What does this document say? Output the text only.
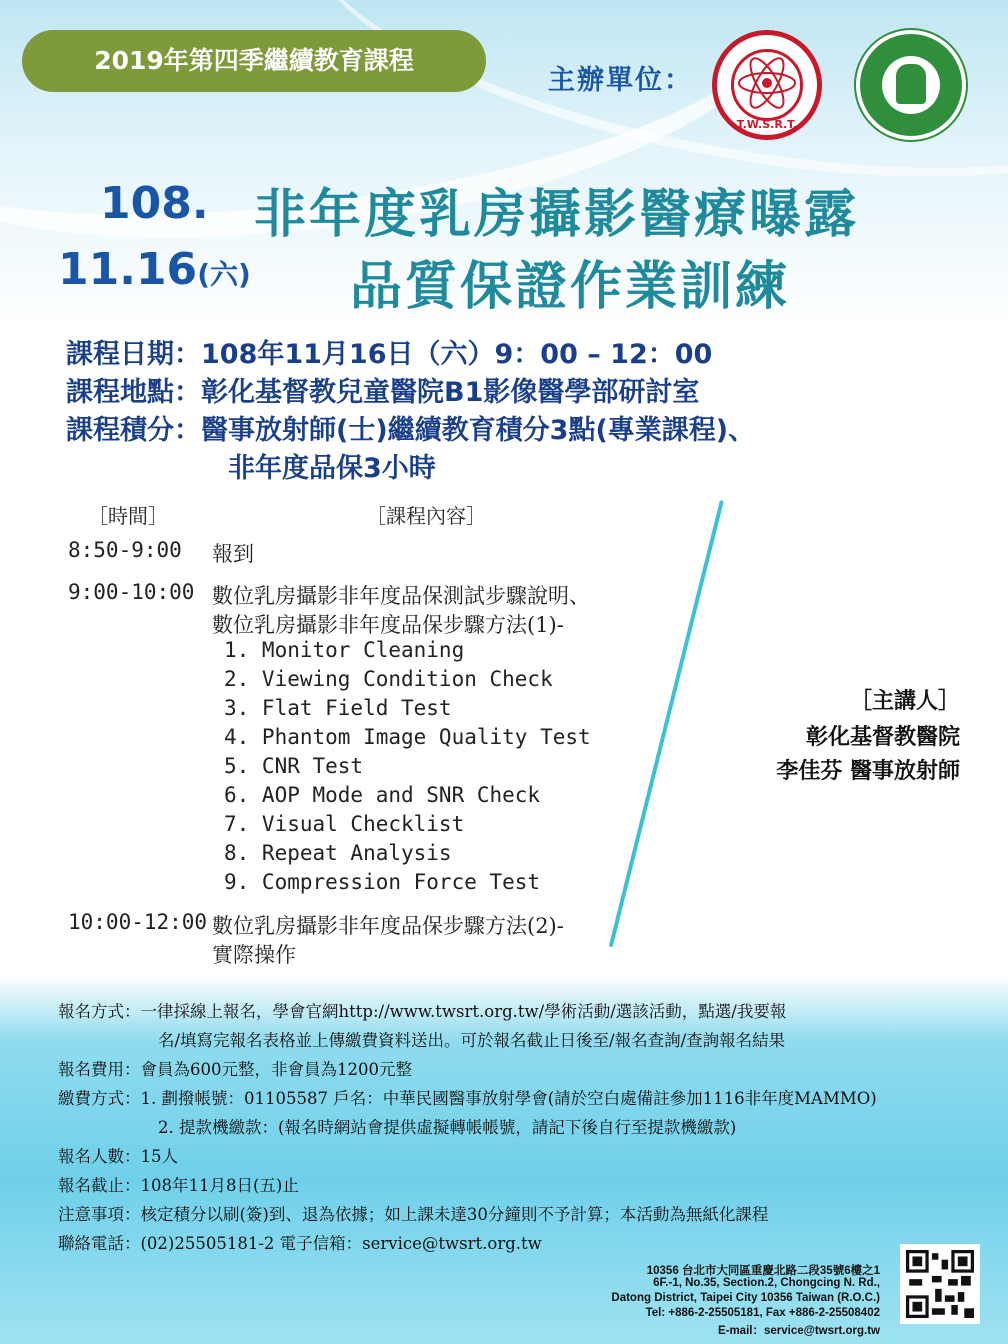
2019年第四季繼續教育課程
主辦單位：
T.W.S.R.T.
108.
11.16(六)
非年度乳房攝影醫療曝露
品質保證作業訓練
課程日期：108年11月16日（六）9：00 – 12：00
課程地點：彰化基督教兒童醫院B1影像醫學部研討室
課程積分：醫事放射師(士)繼續教育積分3點(專業課程)、
非年度品保3小時
［時間］	［課程內容］
8:50-9:00 報到
9:00-10:00 數位乳房攝影非年度品保測試步驟說明、
數位乳房攝影非年度品保步驟方法(1)-
1. Monitor Cleaning
2. Viewing Condition Check
3. Flat Field Test
4. Phantom Image Quality Test
5. CNR Test
6. AOP Mode and SNR Check
7. Visual Checklist
8. Repeat Analysis
9. Compression Force Test
10:00-12:00 數位乳房攝影非年度品保步驟方法(2)-
實際操作
［主講人］
彰化基督教醫院
李佳芬 醫事放射師
報名方式：一律採線上報名，學會官網http://www.twsrt.org.tw/學術活動/選該活動，點選/我要報
名/填寫完報名表格並上傳繳費資料送出。可於報名截止日後至/報名查詢/查詢報名結果
報名費用：會員為600元整，非會員為1200元整
繳費方式：1. 劃撥帳號：01105587 戶名：中華民國醫事放射學會(請於空白處備註參加1116非年度MAMMO)
2. 提款機繳款：(報名時網站會提供虛擬轉帳帳號，請記下後自行至提款機繳款)
報名人數：15人
報名截止：108年11月8日(五)止
注意事項：核定積分以刷(簽)到、退為依據；如上課未達30分鐘則不予計算；本活動為無紙化課程
聯絡電話：(02)25505181-2 電子信箱：service@twsrt.org.tw
10356 台北市大同區重慶北路二段35號6樓之1
6F.-1, No.35, Section.2, Chongcing N. Rd.,
Datong District, Taipei City 10356 Taiwan (R.O.C.)
Tel: +886-2-25505181, Fax +886-2-25508402
E-mail：service@twsrt.org.tw
